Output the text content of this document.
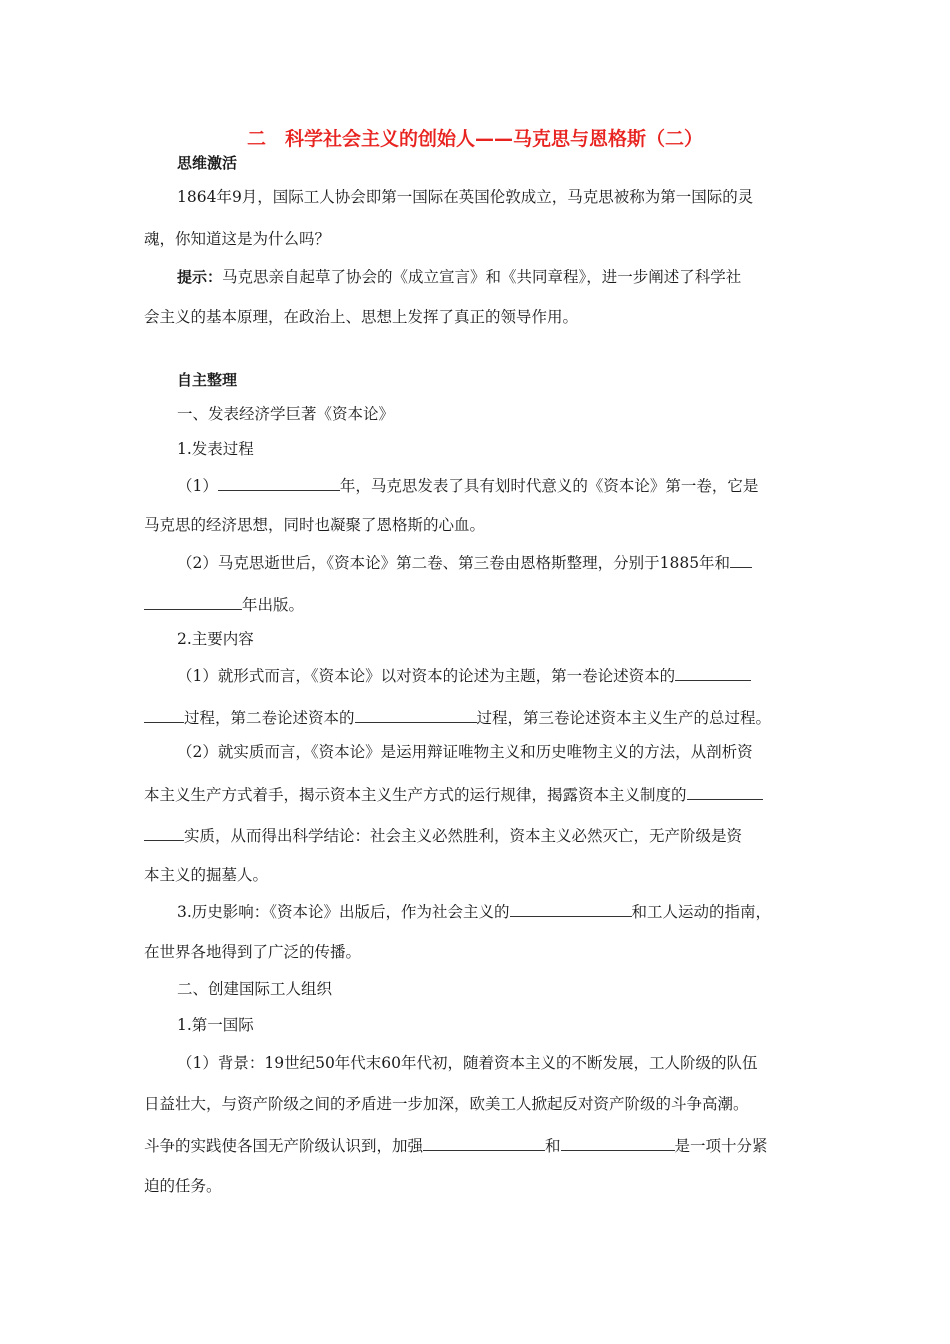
二　科学社会主义的创始人——马克思与恩格斯（二）
思维激活
1864年9月，国际工人协会即第一国际在英国伦敦成立，马克思被称为第一国际的灵
魂，你知道这是为什么吗？
提示：马克思亲自起草了协会的《成立宣言》和《共同章程》，进一步阐述了科学社
会主义的基本原理，在政治上、思想上发挥了真正的领导作用。
自主整理
一、发表经济学巨著《资本论》
1.发表过程
（1）	年，马克思发表了具有划时代意义的《资本论》第一卷，它是
马克思的经济思想，同时也凝聚了恩格斯的心血。
（2）马克思逝世后，《资本论》第二卷、第三卷由恩格斯整理，分别于1885年和
年出版。
2.主要内容
（1）就形式而言，《资本论》以对资本的论述为主题，第一卷论述资本的
过程，第二卷论述资本的	过程，第三卷论述资本主义生产的总过程。
（2）就实质而言，《资本论》是运用辩证唯物主义和历史唯物主义的方法，从剖析资
本主义生产方式着手，揭示资本主义生产方式的运行规律，揭露资本主义制度的
实质，从而得出科学结论：社会主义必然胜利，资本主义必然灭亡，无产阶级是资
本主义的掘墓人。
3.历史影响：《资本论》出版后，作为社会主义的	和工人运动的指南，
在世界各地得到了广泛的传播。
二、创建国际工人组织
1.第一国际
（1）背景：19世纪50年代末60年代初，随着资本主义的不断发展，工人阶级的队伍
日益壮大，与资产阶级之间的矛盾进一步加深，欧美工人掀起反对资产阶级的斗争高潮。
斗争的实践使各国无产阶级认识到，加强	和	是一项十分紧
迫的任务。
